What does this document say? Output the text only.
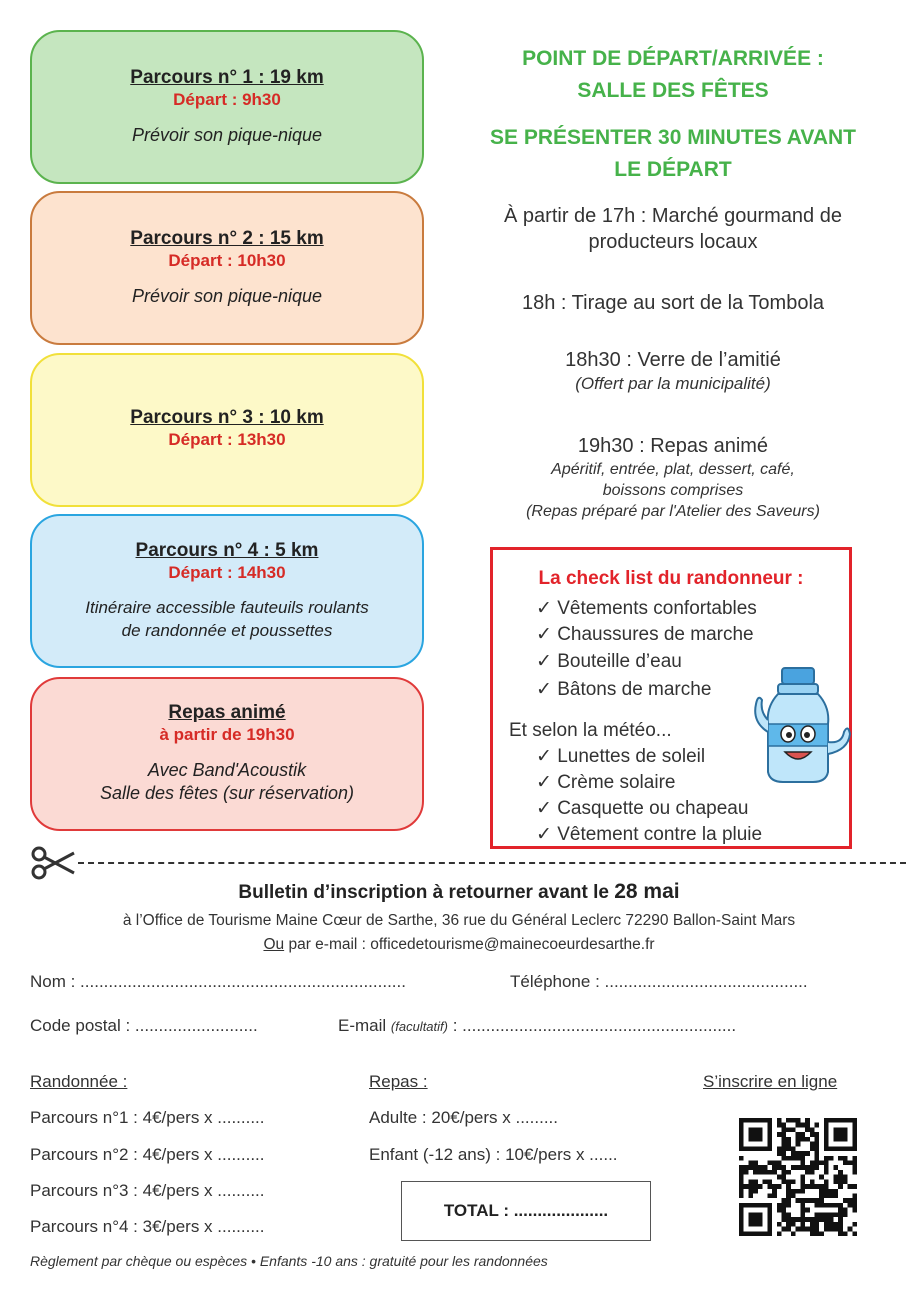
Parcours n° 1 : 19 km
Départ : 9h30
Prévoir son pique-nique
Parcours n° 2 : 15 km
Départ : 10h30
Prévoir son pique-nique
Parcours n° 3 : 10 km
Départ : 13h30
Parcours n° 4 : 5 km
Départ : 14h30
Itinéraire accessible fauteuils roulants
de randonnée et poussettes
Repas animé
à partir de 19h30
Avec Band'Acoustik
Salle des fêtes (sur réservation)
POINT DE DÉPART/ARRIVÉE :
SALLE DES FÊTES
SE PRÉSENTER 30 MINUTES AVANT
LE DÉPART
À partir de 17h : Marché gourmand de
producteurs locaux
18h : Tirage au sort de la Tombola
18h30 : Verre de l’amitié
(Offert par la municipalité)
19h30 : Repas animé
Apéritif, entrée, plat, dessert, café,
boissons comprises
(Repas préparé par l'Atelier des Saveurs)
La check list du randonneur :
✓ Vêtements confortables
✓ Chaussures de marche
✓ Bouteille d’eau
✓ Bâtons de marche
Et selon la météo...
✓ Lunettes de soleil
✓ Crème solaire
✓ Casquette ou chapeau
✓ Vêtement contre la pluie
Bulletin d’inscription à retourner avant le 28 mai
à l’Office de Tourisme Maine Cœur de Sarthe, 36 rue du Général Leclerc 72290 Ballon-Saint Mars
Ou par e-mail : officedetourisme@mainecoeurdesarthe.fr
Nom : .....................................................................	Téléphone : ...........................................
Code postal : ..........................	E-mail (facultatif) : ..........................................................
Randonnée :	Repas :	S’inscrire en ligne
Parcours n°1 : 4€/pers x ..........
Parcours n°2 : 4€/pers x ..........
Parcours n°3 : 4€/pers x ..........
Parcours n°4 : 3€/pers x ..........
Adulte : 20€/pers x .........
Enfant (-12 ans) : 10€/pers x ......
TOTAL : ....................
Règlement par chèque ou espèces • Enfants -10 ans : gratuité pour les randonnées
